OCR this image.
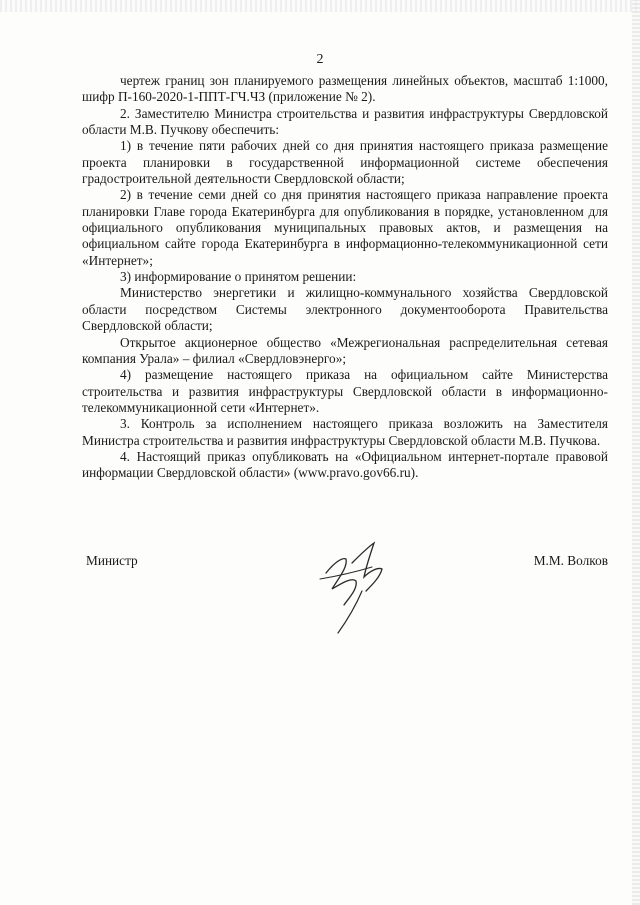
2

чертеж границ зон планируемого размещения линейных объектов, масштаб 1:1000, шифр П-160-2020-1-ППТ-ГЧ.ЧЗ (приложение № 2).

2. Заместителю Министра строительства и развития инфраструктуры Свердловской области М.В. Пучкову обеспечить:

1) в течение пяти рабочих дней со дня принятия настоящего приказа размещение проекта планировки в государственной информационной системе обеспечения градостроительной деятельности Свердловской области;

2) в течение семи дней со дня принятия настоящего приказа направление проекта планировки Главе города Екатеринбурга для опубликования в порядке, установленном для официального опубликования муниципальных правовых актов, и размещения на официальном сайте города Екатеринбурга в информационно-телекоммуникационной сети «Интернет»;

3) информирование о принятом решении:

Министерство энергетики и жилищно-коммунального хозяйства Свердловской области посредством Системы электронного документооборота Правительства Свердловской области;

Открытое акционерное общество «Межрегиональная распределительная сетевая компания Урала» – филиал «Свердловэнерго»;

4) размещение настоящего приказа на официальном сайте Министерства строительства и развития инфраструктуры Свердловской области в информационно-телекоммуникационной сети «Интернет».

3. Контроль за исполнением настоящего приказа возложить на Заместителя Министра строительства и развития инфраструктуры Свердловской области М.В. Пучкова.

4. Настоящий приказ опубликовать на «Официальном интернет-портале правовой информации Свердловской области» (www.pravo.gov66.ru).

Министр	М.М. Волков
